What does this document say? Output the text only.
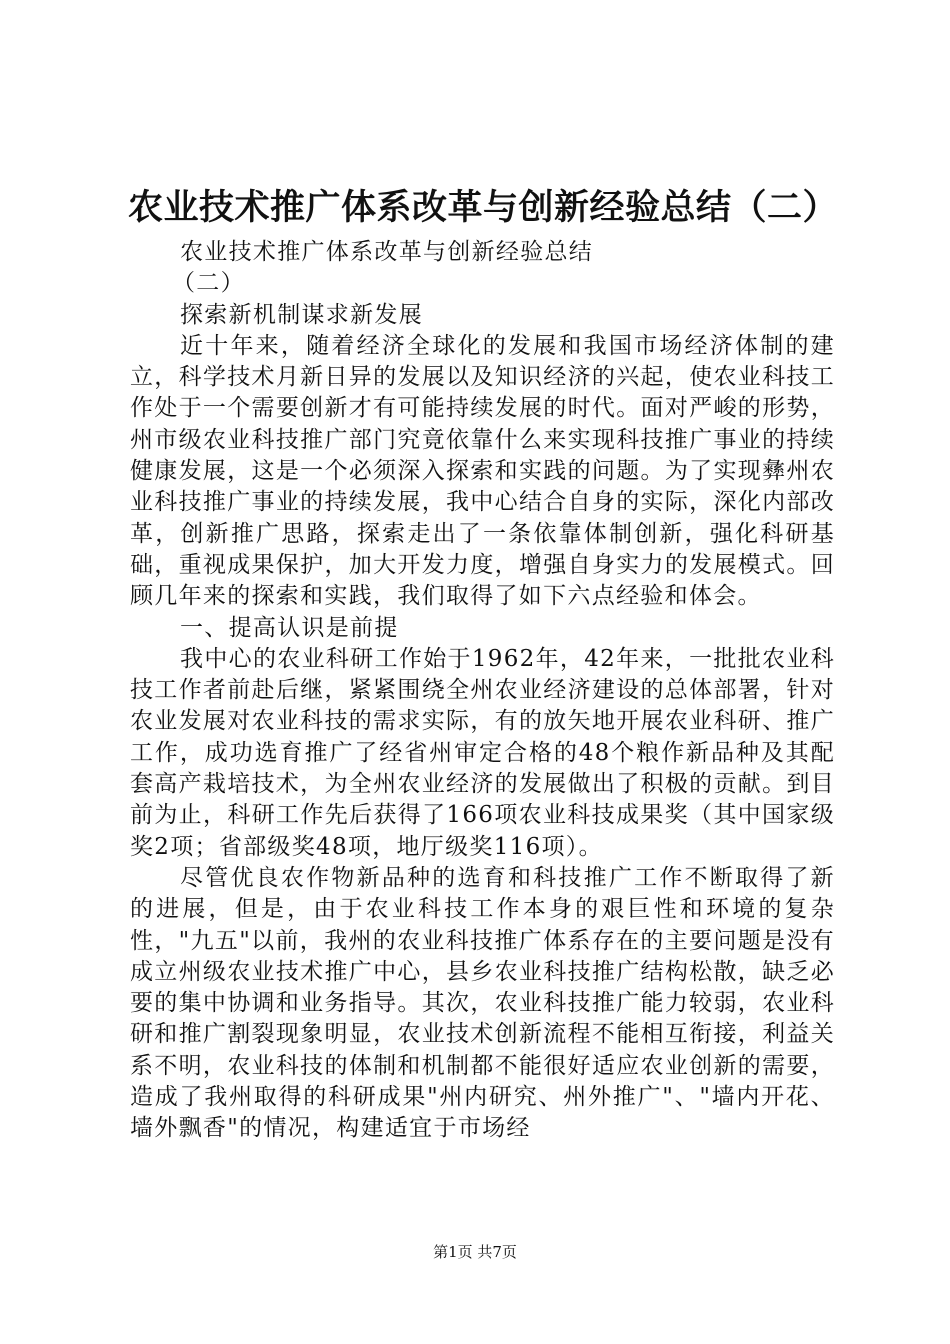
农业技术推广体系改革与创新经验总结（二）

农业技术推广体系改革与创新经验总结

（二）

探索新机制谋求新发展

近十年来，随着经济全球化的发展和我国市场经济体制的建立，科学技术月新日异的发展以及知识经济的兴起，使农业科技工作处于一个需要创新才有可能持续发展的时代。面对严峻的形势，州市级农业科技推广部门究竟依靠什么来实现科技推广事业的持续健康发展，这是一个必须深入探索和实践的问题。为了实现彝州农业科技推广事业的持续发展，我中心结合自身的实际，深化内部改革，创新推广思路，探索走出了一条依靠体制创新，强化科研基础，重视成果保护，加大开发力度，增强自身实力的发展模式。回顾几年来的探索和实践，我们取得了如下六点经验和体会。

一、提高认识是前提

我中心的农业科研工作始于1962年，42年来，一批批农业科技工作者前赴后继，紧紧围绕全州农业经济建设的总体部署，针对农业发展对农业科技的需求实际，有的放矢地开展农业科研、推广工作，成功选育推广了经省州审定合格的48个粮作新品种及其配套高产栽培技术，为全州农业经济的发展做出了积极的贡献。到目前为止，科研工作先后获得了166项农业科技成果奖（其中国家级奖2项；省部级奖48项，地厅级奖116项）。

尽管优良农作物新品种的选育和科技推广工作不断取得了新的进展，但是，由于农业科技工作本身的艰巨性和环境的复杂性，"九五"以前，我州的农业科技推广体系存在的主要问题是没有成立州级农业技术推广中心，县乡农业科技推广结构松散，缺乏必要的集中协调和业务指导。其次，农业科技推广能力较弱，农业科研和推广割裂现象明显，农业技术创新流程不能相互衔接，利益关系不明，农业科技的体制和机制都不能很好适应农业创新的需要，造成了我州取得的科研成果"州内研究、州外推广"、"墙内开花、墙外飘香"的情况，构建适宜于市场经

第1页 共7页
